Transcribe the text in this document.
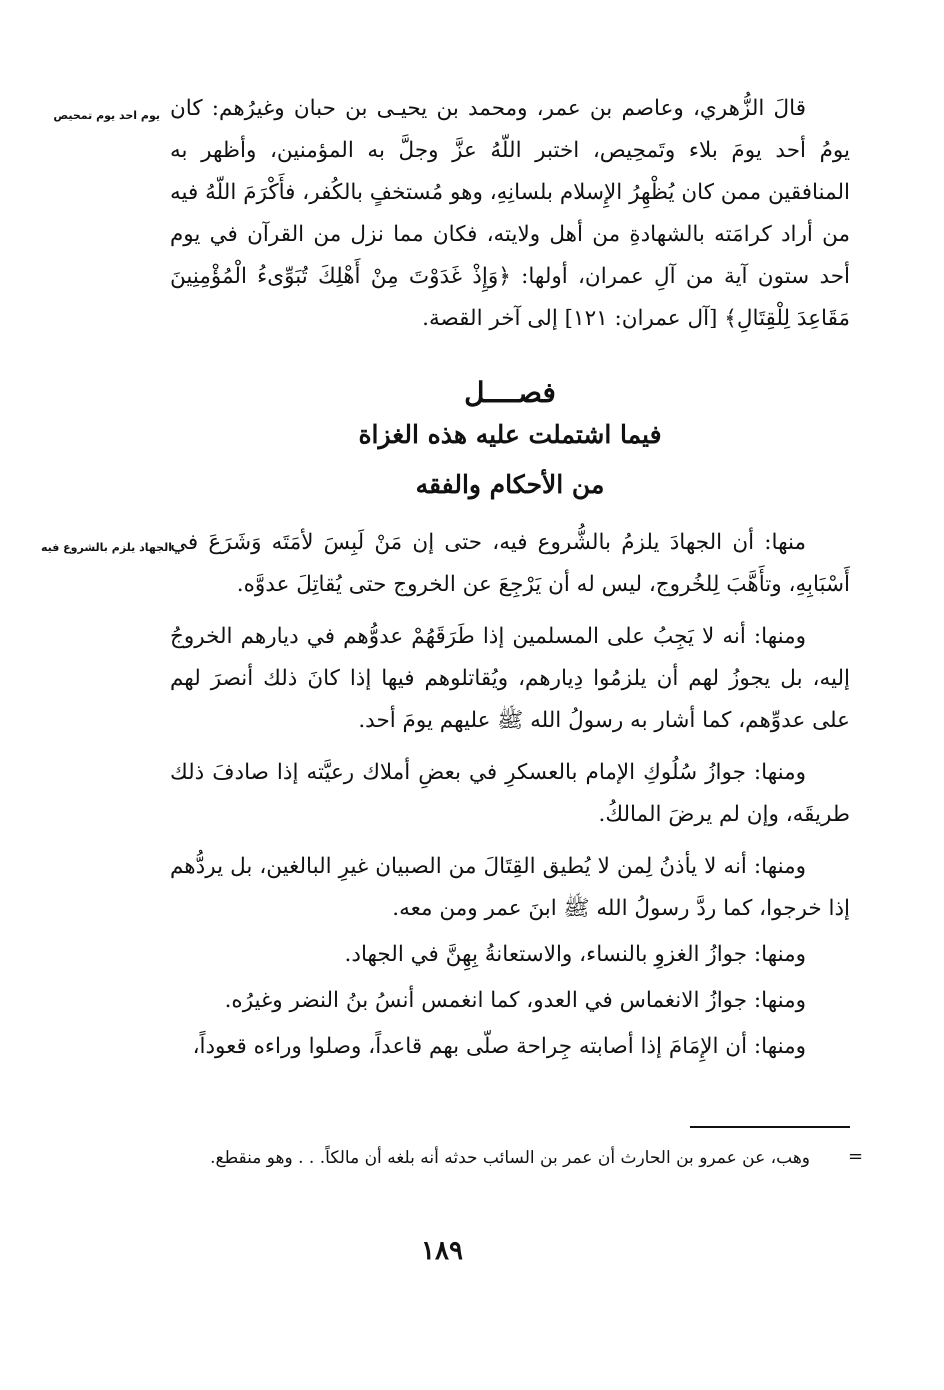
يوم احد يوم تمحيص
الجهاد يلزم بالشروع فيه

قالَ الزُّهري، وعاصم بن عمر، ومحمد بن يحيـى بن حبان وغيرُهم: كان يومُ أحد يومَ بلاء وتَمحِيص، اختبر اللّهُ عزَّ وجلَّ به المؤمنين، وأظهر به المنافقين ممن كان يُظْهِرُ الإِسلام بلسانِهِ، وهو مُستخفٍ بالكُفر، فأَكْرَمَ اللّهُ فيه من أراد كرامَته بالشهادةِ من أهل ولايته، فكان مما نزل من القرآن في يوم أحد ستون آية من آلِ عمران، أولها: ﴿وَإِذْ غَدَوْتَ مِنْ أَهْلِكَ تُبَوِّىءُ الْمُؤْمِنِينَ مَقَاعِدَ لِلْقِتَالِ﴾ [آل عمران: ١٢١] إلى آخر القصة.

فصــــل
فيما اشتملت عليه هذه الغزاة
من الأحكام والفقه

منها: أن الجهادَ يلزمُ بالشُّروع فيه، حتى إن مَنْ لَبِسَ لأمَتَه وَشَرَعَ في أَسْبَابِهِ، وتأَهَّبَ لِلخُروج، ليس له أن يَرْجِعَ عن الخروج حتى يُقاتِلَ عدوَّه.

ومنها: أنه لا يَجِبُ على المسلمين إذا طَرَقَهُمْ عدوُّهم في ديارهم الخروجُ إليه، بل يجوزُ لهم أن يلزمُوا دِيارهم، ويُقاتلوهم فيها إذا كانَ ذلك أنصرَ لهم على عدوِّهم، كما أشار به رسولُ الله ﷺ عليهم يومَ أحد.

ومنها: جوازُ سُلُوكِ الإمام بالعسكرِ في بعضِ أملاك رعيَّته إذا صادفَ ذلك طريقَه، وإن لم يرضَ المالكُ.

ومنها: أنه لا يأذنُ لِمن لا يُطيق القِتَالَ من الصبيان غيرِ البالغين، بل يردُّهم إذا خرجوا، كما ردَّ رسولُ الله ﷺ ابنَ عمر ومن معه.

ومنها: جوازُ الغزوِ بالنساء، والاستعانةُ بِهِنَّ في الجهاد.

ومنها: جوازُ الانغماس في العدو، كما انغمس أنسُ بنُ النضر وغيرُه.

ومنها: أن الإِمَامَ إذا أصابته جِراحة صلّى بهم قاعداً، وصلوا وراءه قعوداً،

=
وهب، عن عمرو بن الحارث أن عمر بن السائب حدثه أنه بلغه أن مالكاً. . . وهو منقطع.
١٨٩
